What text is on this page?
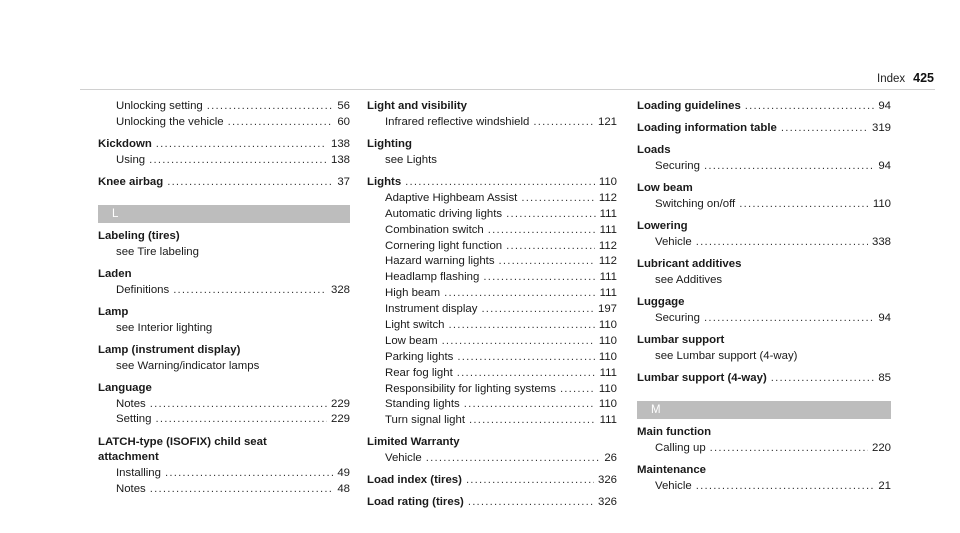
Index 425
Unlocking setting .....	56
Unlocking the vehicle .....	60
Kickdown .....	138
Using .....	138
Knee airbag .....	37
L
Labeling (tires)
see Tire labeling
Laden
Definitions .....	328
Lamp
see Interior lighting
Lamp (instrument display)
see Warning/indicator lamps
Language
Notes .....	229
Setting .....	229
LATCH-type (ISOFIX) child seat
attachment
Installing .....	49
Notes .....	48
Light and visibility
Infrared reflective windshield .....	121
Lighting
see Lights
Lights .....	110
Adaptive Highbeam Assist .....	112
Automatic driving lights .....	111
Combination switch .....	111
Cornering light function .....	112
Hazard warning lights .....	112
Headlamp flashing .....	111
High beam .....	111
Instrument display .....	197
Light switch .....	110
Low beam .....	110
Parking lights .....	110
Rear fog light .....	111
Responsibility for lighting systems .....	110
Standing lights .....	110
Turn signal light .....	111
Limited Warranty
Vehicle .....	26
Load index (tires) .....	326
Load rating (tires) .....	326
Loading guidelines .....	94
Loading information table .....	319
Loads
Securing .....	94
Low beam
Switching on/off .....	110
Lowering
Vehicle .....	338
Lubricant additives
see Additives
Luggage
Securing .....	94
Lumbar support
see Lumbar support (4-way)
Lumbar support (4-way) .....	85
M
Main function
Calling up .....	220
Maintenance
Vehicle .....	21
